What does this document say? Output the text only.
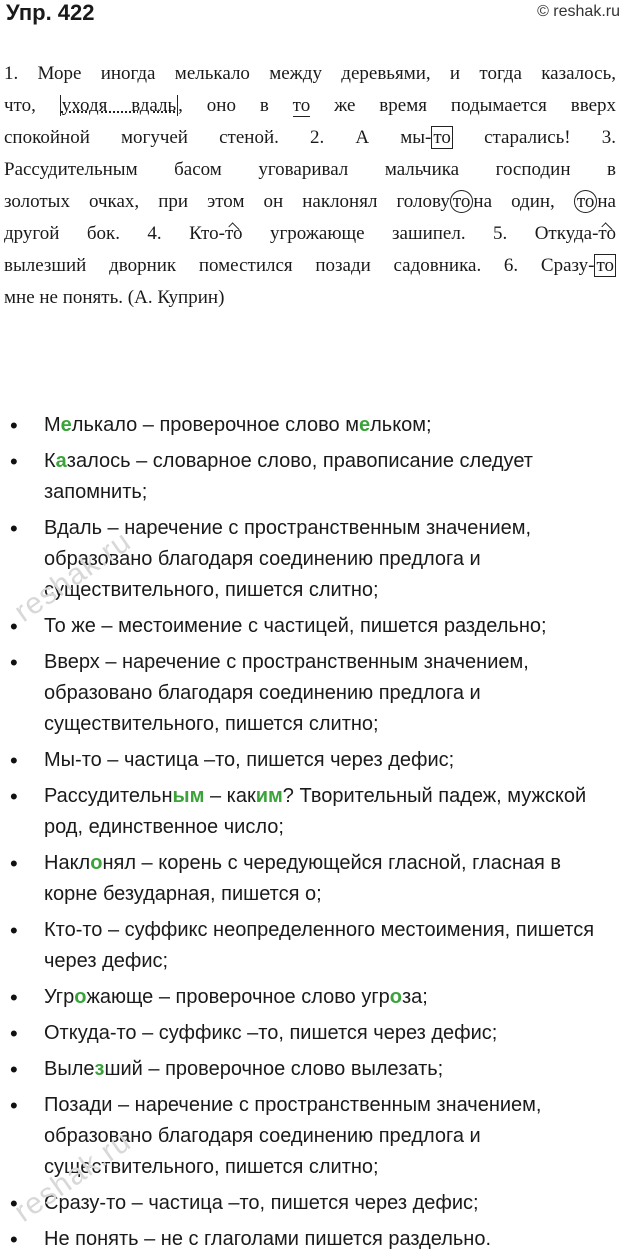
Упр. 422	© reshak.ru
1. Море иногда мелькало между деревьями, и тогда казалось,
что, уходя вдаль , оно в то же время подымается вверх
спокойной могучей стеной. 2. А мы- то старались! 3.
Рассудительным басом уговаривал мальчика господин в
золотых очках, при этом он наклонял голову то на один, то на
другой бок. 4. Кто-то угрожающе зашипел. 5. Откуда-то
вылезший дворник поместился позади садовника. 6. Сразу- то
мне не понять. (А. Куприн)
• Мелькало – проверочное слово мельком;
• Казалось – словарное слово, правописание следует запомнить;
• Вдаль – наречение с пространственным значением, образовано благодаря соединению предлога и существительного, пишется слитно;
• То же – местоимение с частицей, пишется раздельно;
• Вверх – наречение с пространственным значением, образовано благодаря соединению предлога и существительного, пишется слитно;
• Мы-то – частица –то, пишется через дефис;
• Рассудительным – каким? Творительный падеж, мужской род, единственное число;
• Наклонял – корень с чередующейся гласной, гласная в корне безударная, пишется о;
• Кто-то – суффикс неопределенного местоимения, пишется через дефис;
• Угрожающе – проверочное слово угроза;
• Откуда-то – суффикс –то, пишется через дефис;
• Вылезший – проверочное слово вылезать;
• Позади – наречение с пространственным значением, образовано благодаря соединению предлога и существительного, пишется слитно;
• Сразу-то – частица –то, пишется через дефис;
• Не понять – не с глаголами пишется раздельно.
reshak.ru
reshak.ru
